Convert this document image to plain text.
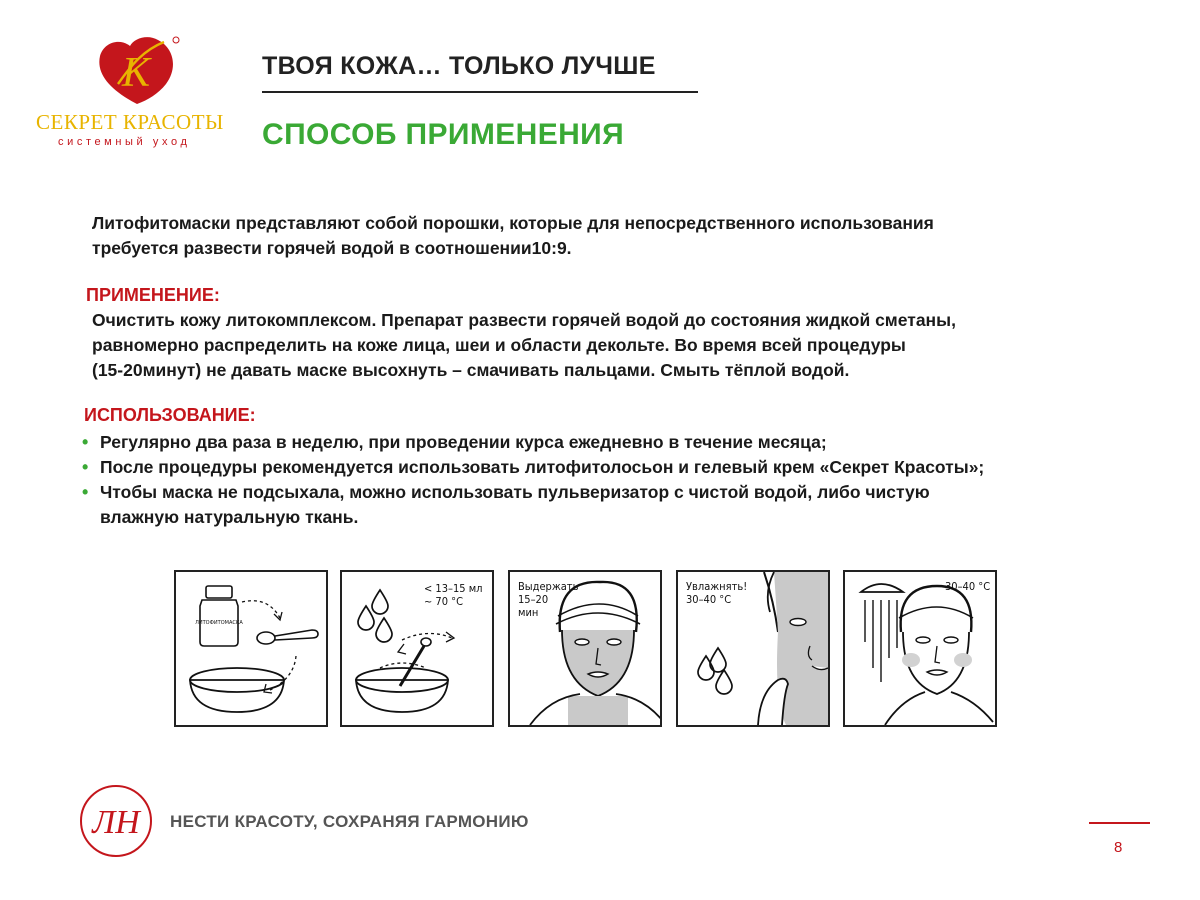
К
СЕКРЕТ КРАСОТЫ
системный уход
ТВОЯ КОЖА… ТОЛЬКО ЛУЧШЕ
СПОСОБ ПРИМЕНЕНИЯ
Литофитомаски представляют собой порошки, которые для непосредственного использования
требуется развести горячей водой в соотношении10:9.
ПРИМЕНЕНИЕ:
Очистить кожу литокомплексом. Препарат развести горячей водой до состояния жидкой сметаны,
равномерно распределить на коже лица, шеи и области декольте. Во время всей процедуры
(15-20минут) не давать маске высохнуть – смачивать пальцами. Смыть тёплой водой.
ИСПОЛЬЗОВАНИЕ:
• Регулярно два раза в неделю, при проведении курса ежедневно в течение месяца;
• После процедуры рекомендуется использовать литофитолосьон и гелевый крем «Секрет Красоты»;
• Чтобы маска не подсыхала, можно использовать пульверизатор с чистой водой, либо чистую
влажную натуральную ткань.
ЛИТОФИТОМАСКА
< 13–15 мл
~ 70 °С
Выдержать
15–20
мин
Увлажнять!
30–40 °С
30–40 °С
ЛН НЕСТИ КРАСОТУ, СОХРАНЯЯ ГАРМОНИЮ
8
